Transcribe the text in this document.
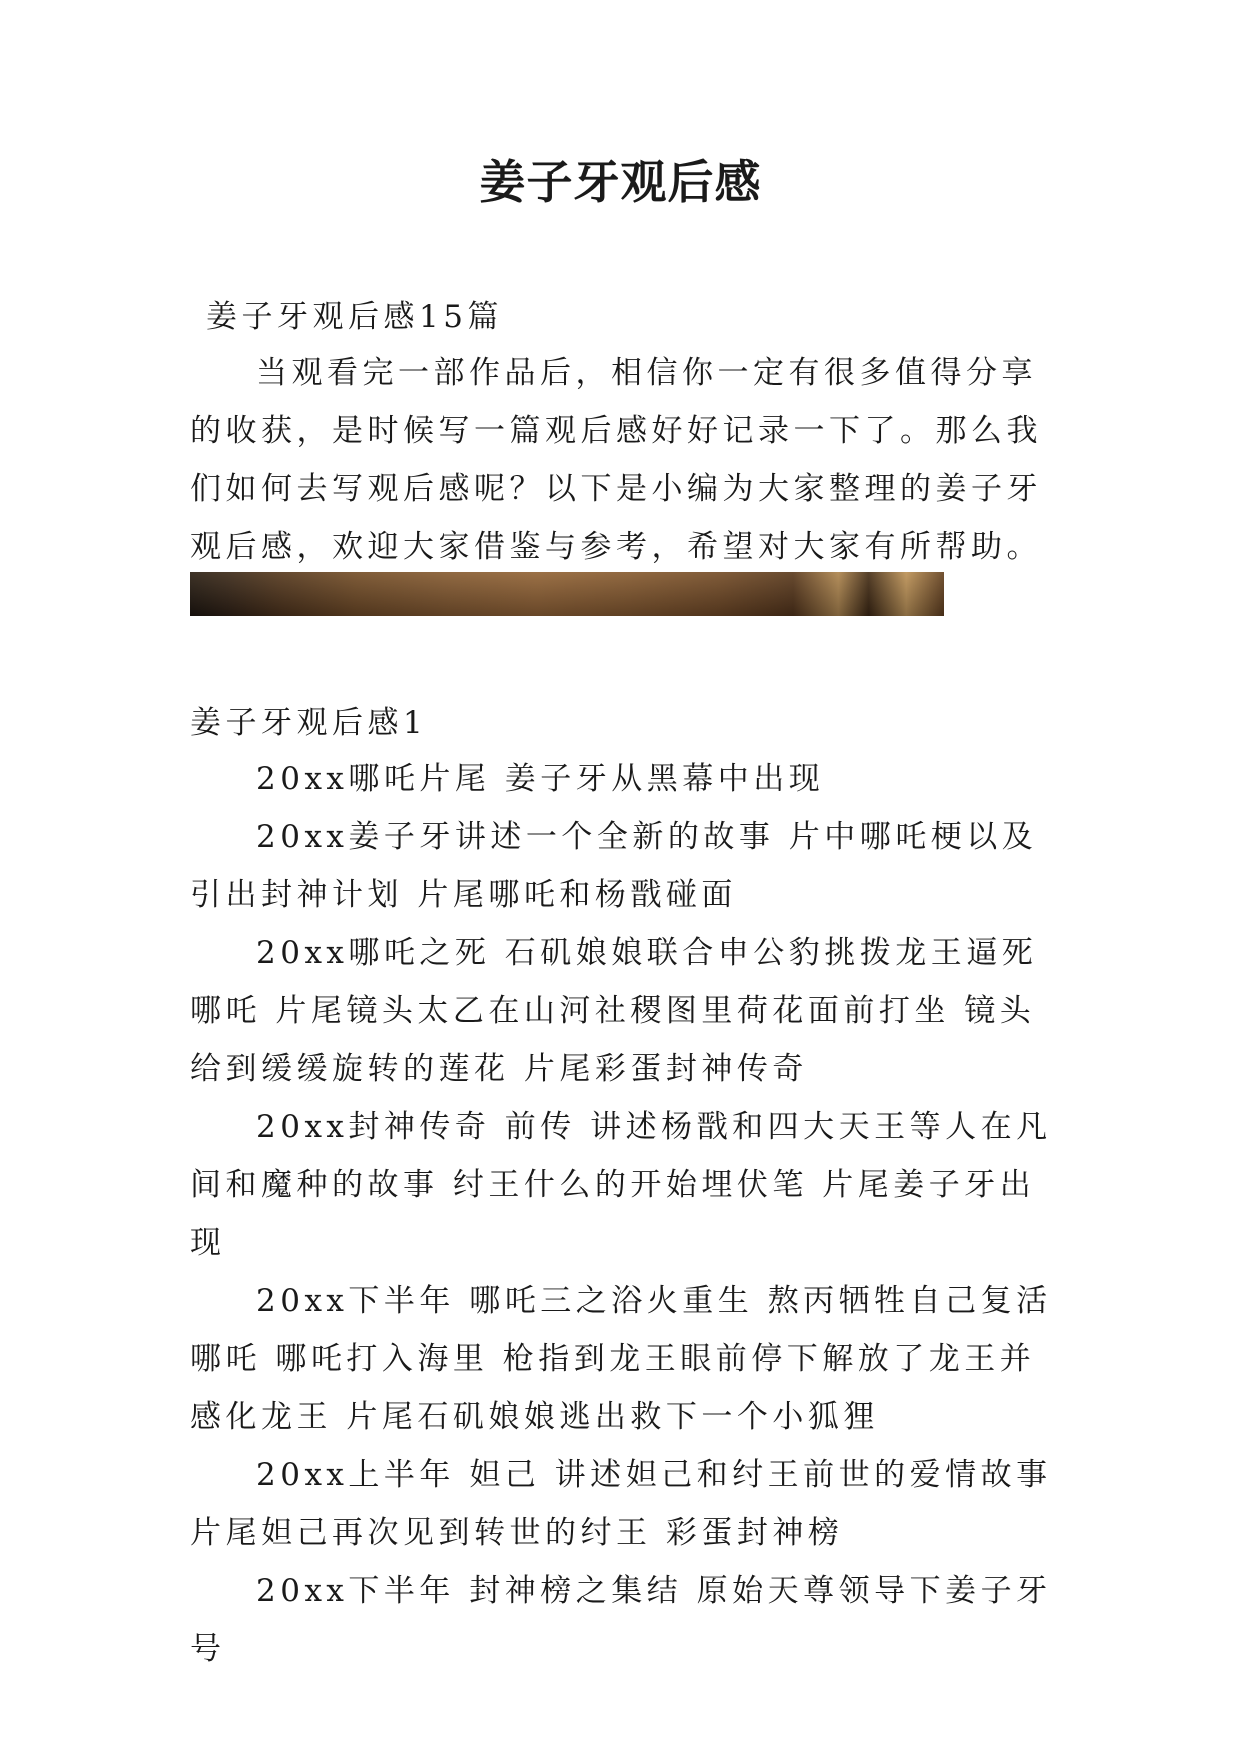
姜子牙观后感
姜子牙观后感15篇

当观看完一部作品后，相信你一定有很多值得分享的收获，是时候写一篇观后感好好记录一下了。那么我们如何去写观后感呢？以下是小编为大家整理的姜子牙观后感，欢迎大家借鉴与参考，希望对大家有所帮助。

姜子牙观后感1

20xx哪吒片尾 姜子牙从黑幕中出现

20xx姜子牙讲述一个全新的故事 片中哪吒梗以及引出封神计划 片尾哪吒和杨戬碰面

20xx哪吒之死 石矶娘娘联合申公豹挑拨龙王逼死哪吒 片尾镜头太乙在山河社稷图里荷花面前打坐 镜头给到缓缓旋转的莲花 片尾彩蛋封神传奇

20xx封神传奇 前传 讲述杨戬和四大天王等人在凡间和魔种的故事 纣王什么的开始埋伏笔 片尾姜子牙出现

20xx下半年 哪吒三之浴火重生 熬丙牺牲自己复活哪吒 哪吒打入海里 枪指到龙王眼前停下解放了龙王并感化龙王 片尾石矶娘娘逃出救下一个小狐狸

20xx上半年 妲己 讲述妲己和纣王前世的爱情故事 片尾妲己再次见到转世的纣王 彩蛋封神榜

20xx下半年 封神榜之集结 原始天尊领导下姜子牙号
